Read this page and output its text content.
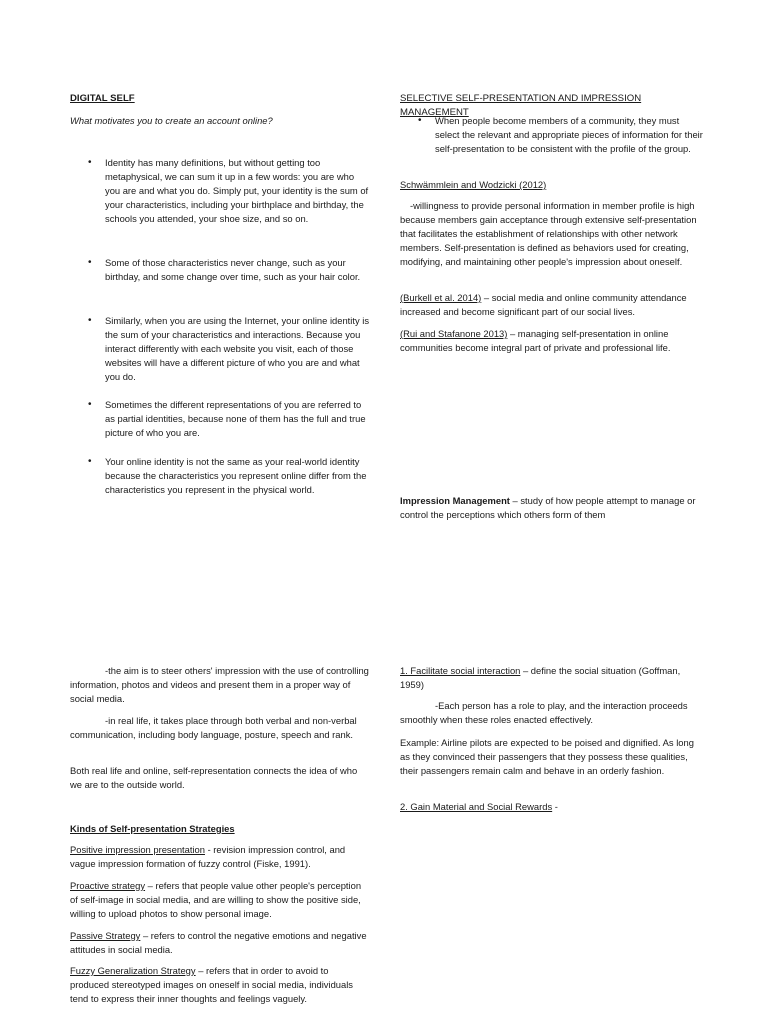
DIGITAL SELF
What motivates you to create an account online?
• Identity has many definitions, but without getting too metaphysical, we can sum it up in a few words: you are who you are and what you do. Simply put, your identity is the sum of your characteristics, including your birthplace and birthday, the schools you attended, your shoe size, and so on.
• Some of those characteristics never change, such as your birthday, and some change over time, such as your hair color.
• Similarly, when you are using the Internet, your online identity is the sum of your characteristics and interactions. Because you interact differently with each website you visit, each of those websites will have a different picture of who you are and what you do.
• Sometimes the different representations of you are referred to as partial identities, because none of them has the full and true picture of who you are.
• Your online identity is not the same as your real-world identity because the characteristics you represent online differ from the characteristics you represent in the physical world.
SELECTIVE SELF-PRESENTATION AND IMPRESSION MANAGEMENT
• When people become members of a community, they must select the relevant and appropriate pieces of information for their self-presentation to be consistent with the profile of the group.
Schwämmlein and Wodzicki (2012)
-willingness to provide personal information in member profile is high because members gain acceptance through extensive self-presentation that facilitates the establishment of relationships with other network members. Self-presentation is defined as behaviors used for creating, modifying, and maintaining other people's impression about oneself.
(Burkell et al. 2014) – social media and online community attendance increased and become significant part of our social lives.
(Rui and Stafanone 2013) – managing self-presentation in online communities become integral part of private and professional life.
Impression Management – study of how people attempt to manage or control the perceptions which others form of them
-the aim is to steer others' impression with the use of controlling information, photos and videos and present them in a proper way of social media.
-in real life, it takes place through both verbal and non-verbal communication, including body language, posture, speech and rank.
Both real life and online, self-representation connects the idea of who we are to the outside world.
Kinds of Self-presentation Strategies
Positive impression presentation - revision impression control, and vague impression formation of fuzzy control (Fiske, 1991).
Proactive strategy – refers that people value other people's perception of self-image in social media, and are willing to show the positive side, willing to upload photos to show personal image.
Passive Strategy – refers to control the negative emotions and negative attitudes in social media.
Fuzzy Generalization Strategy – refers that in order to avoid to produced stereotyped images on oneself in social media, individuals tend to express their inner thoughts and feelings vaguely.
1. Facilitate social interaction – define the social situation (Goffman, 1959)
-Each person has a role to play, and the interaction proceeds smoothly when these roles enacted effectively.
Example: Airline pilots are expected to be poised and dignified. As long as they convinced their passengers that they possess these qualities, their passengers remain calm and behave in an orderly fashion.
2. Gain Material and Social Rewards -
